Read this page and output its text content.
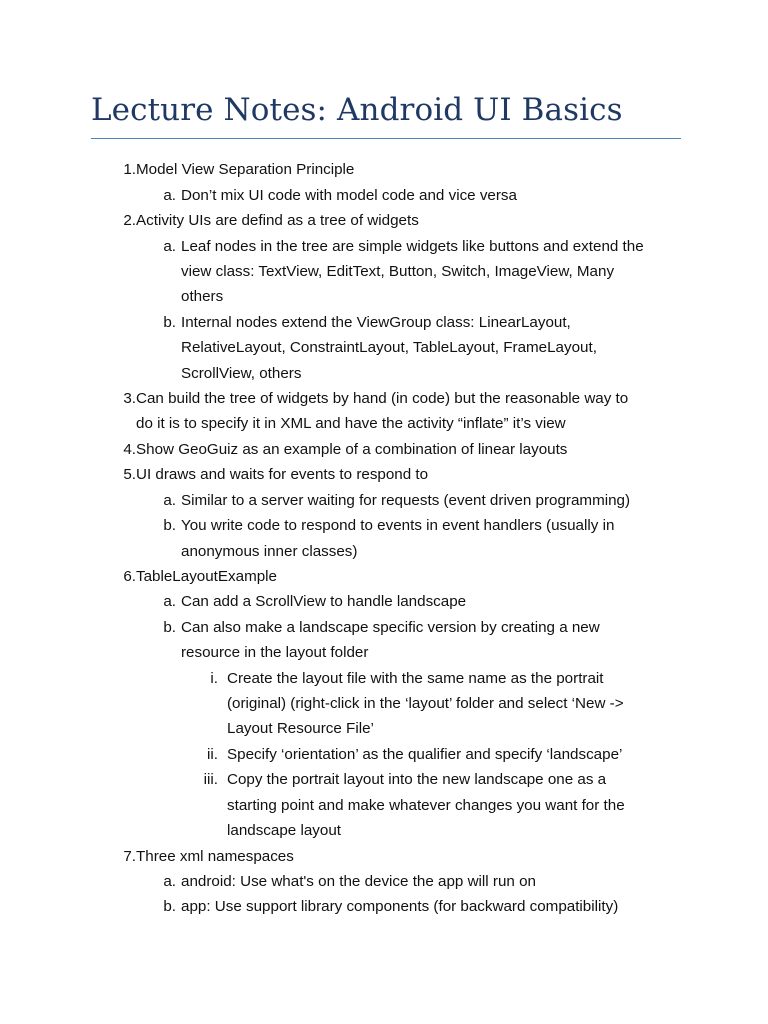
Lecture Notes: Android UI Basics
1. Model View Separation Principle
a. Don’t mix UI code with model code and vice versa
2. Activity UIs are defind as a tree of widgets
a. Leaf nodes in the tree are simple widgets like buttons and extend the
view class: TextView, EditText, Button, Switch, ImageView, Many
others
b. Internal nodes extend the ViewGroup class: LinearLayout,
RelativeLayout, ConstraintLayout, TableLayout, FrameLayout,
ScrollView, others
3. Can build the tree of widgets by hand (in code) but the reasonable way to
do it is to specify it in XML and have the activity “inflate” it’s view
4. Show GeoGuiz as an example of a combination of linear layouts
5. UI draws and waits for events to respond to
a. Similar to a server waiting for requests (event driven programming)
b. You write code to respond to events in event handlers (usually in
anonymous inner classes)
6. TableLayoutExample
a. Can add a ScrollView to handle landscape
b. Can also make a landscape specific version by creating a new
resource in the layout folder
i. Create the layout file with the same name as the portrait
(original) (right-click in the ‘layout’ folder and select ‘New ->
Layout Resource File’
ii. Specify ‘orientation’ as the qualifier and specify ‘landscape’
iii. Copy the portrait layout into the new landscape one as a
starting point and make whatever changes you want for the
landscape layout
7. Three xml namespaces
a. android: Use what's on the device the app will run on
b. app: Use support library components (for backward compatibility)
